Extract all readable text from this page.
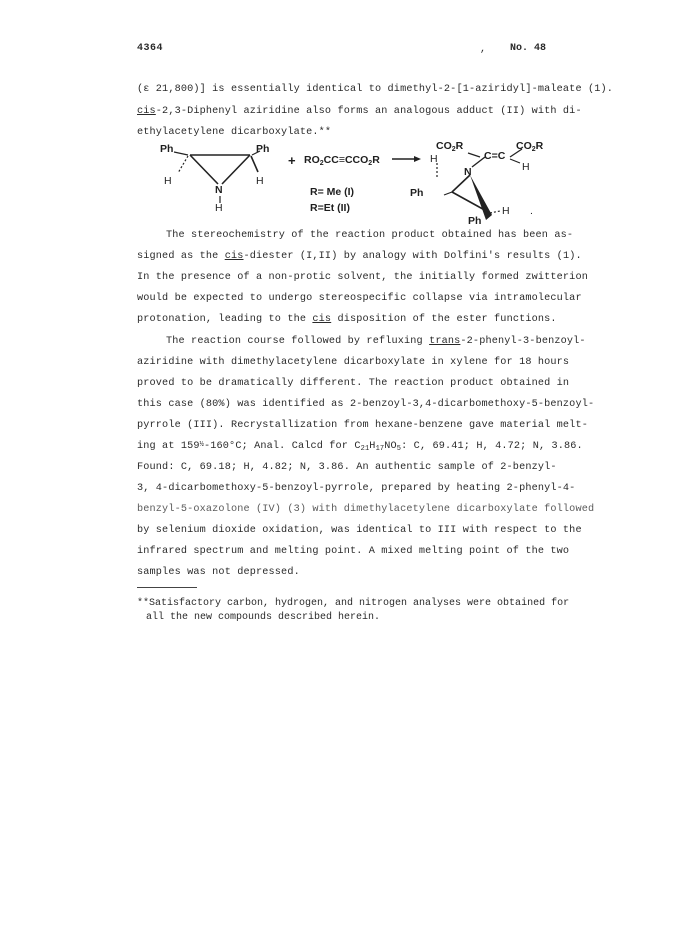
4364	, No. 48
(ε 21,800)] is essentially identical to dimethyl-2-[1-aziridyl]-maleate (1).
cis-2,3-Diphenyl aziridine also forms an analogous adduct (II) with di-
ethylacetylene dicarboxylate.**
Ph	Ph
H	H
N
H
+ $RO_2CC\equiv CCO_2R$
R= Me (I)
R=Et (II)
$CO_2R$	$CO_2R$
C=C
H
H
N
Ph
H .
Ph
The stereochemistry of the reaction product obtained has been as-
signed as the cis-diester (I,II) by analogy with Dolfini's results (1).
In the presence of a non-protic solvent, the initially formed zwitterion
would be expected to undergo stereospecific collapse via intramolecular
protonation, leading to the cis disposition of the ester functions.
The reaction course followed by refluxing trans-2-phenyl-3-benzoyl-
aziridine with dimethylacetylene dicarboxylate in xylene for 18 hours
proved to be dramatically different. The reaction product obtained in
this case (80%) was identified as 2-benzoyl-3,4-dicarbomethoxy-5-benzoyl-
pyrrole (III). Recrystallization from hexane-benzene gave material melt-
ing at 159½-160°C; Anal. Calcd for $C_{21}H_{17}NO_5$: C, 69.41; H, 4.72; N, 3.86.
Found: C, 69.18; H, 4.82; N, 3.86. An authentic sample of 2-benzyl-
3, 4-dicarbomethoxy-5-benzoyl-pyrrole, prepared by heating 2-phenyl-4-
benzyl-5-oxazolone (IV) (3) with dimethylacetylene dicarboxylate followed
by selenium dioxide oxidation, was identical to III with respect to the
infrared spectrum and melting point. A mixed melting point of the two
samples was not depressed.
**Satisfactory carbon, hydrogen, and nitrogen analyses were obtained for
all the new compounds described herein.
